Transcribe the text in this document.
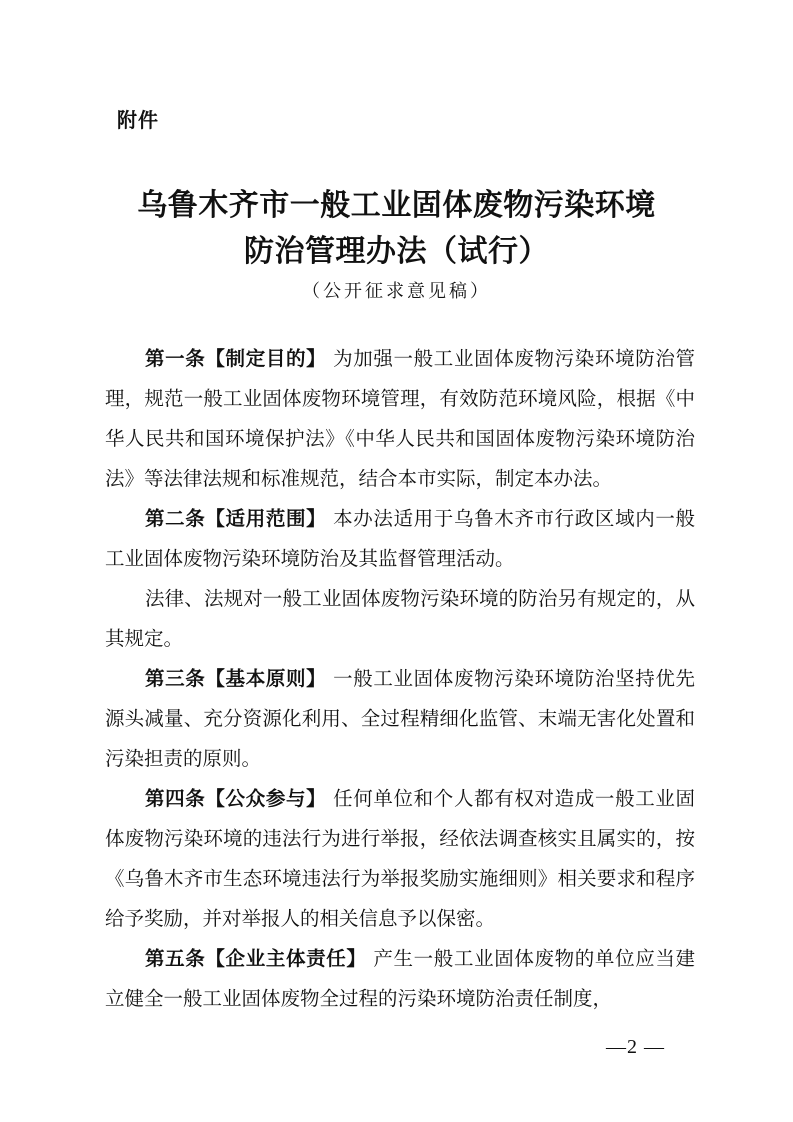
附件
乌鲁木齐市一般工业固体废物污染环境
防治管理办法（试行）
（公开征求意见稿）

第一条【制定目的】 为加强一般工业固体废物污染环境防治管理，规范一般工业固体废物环境管理，有效防范环境风险，根据《中华人民共和国环境保护法》《中华人民共和国固体废物污染环境防治法》等法律法规和标准规范，结合本市实际，制定本办法。

第二条【适用范围】 本办法适用于乌鲁木齐市行政区域内一般工业固体废物污染环境防治及其监督管理活动。

法律、法规对一般工业固体废物污染环境的防治另有规定的，从其规定。

第三条【基本原则】 一般工业固体废物污染环境防治坚持优先源头减量、充分资源化利用、全过程精细化监管、末端无害化处置和污染担责的原则。

第四条【公众参与】 任何单位和个人都有权对造成一般工业固体废物污染环境的违法行为进行举报，经依法调查核实且属实的，按《乌鲁木齐市生态环境违法行为举报奖励实施细则》相关要求和程序给予奖励，并对举报人的相关信息予以保密。

第五条【企业主体责任】 产生一般工业固体废物的单位应当建立健全一般工业固体废物全过程的污染环境防治责任制度，

—2 —
